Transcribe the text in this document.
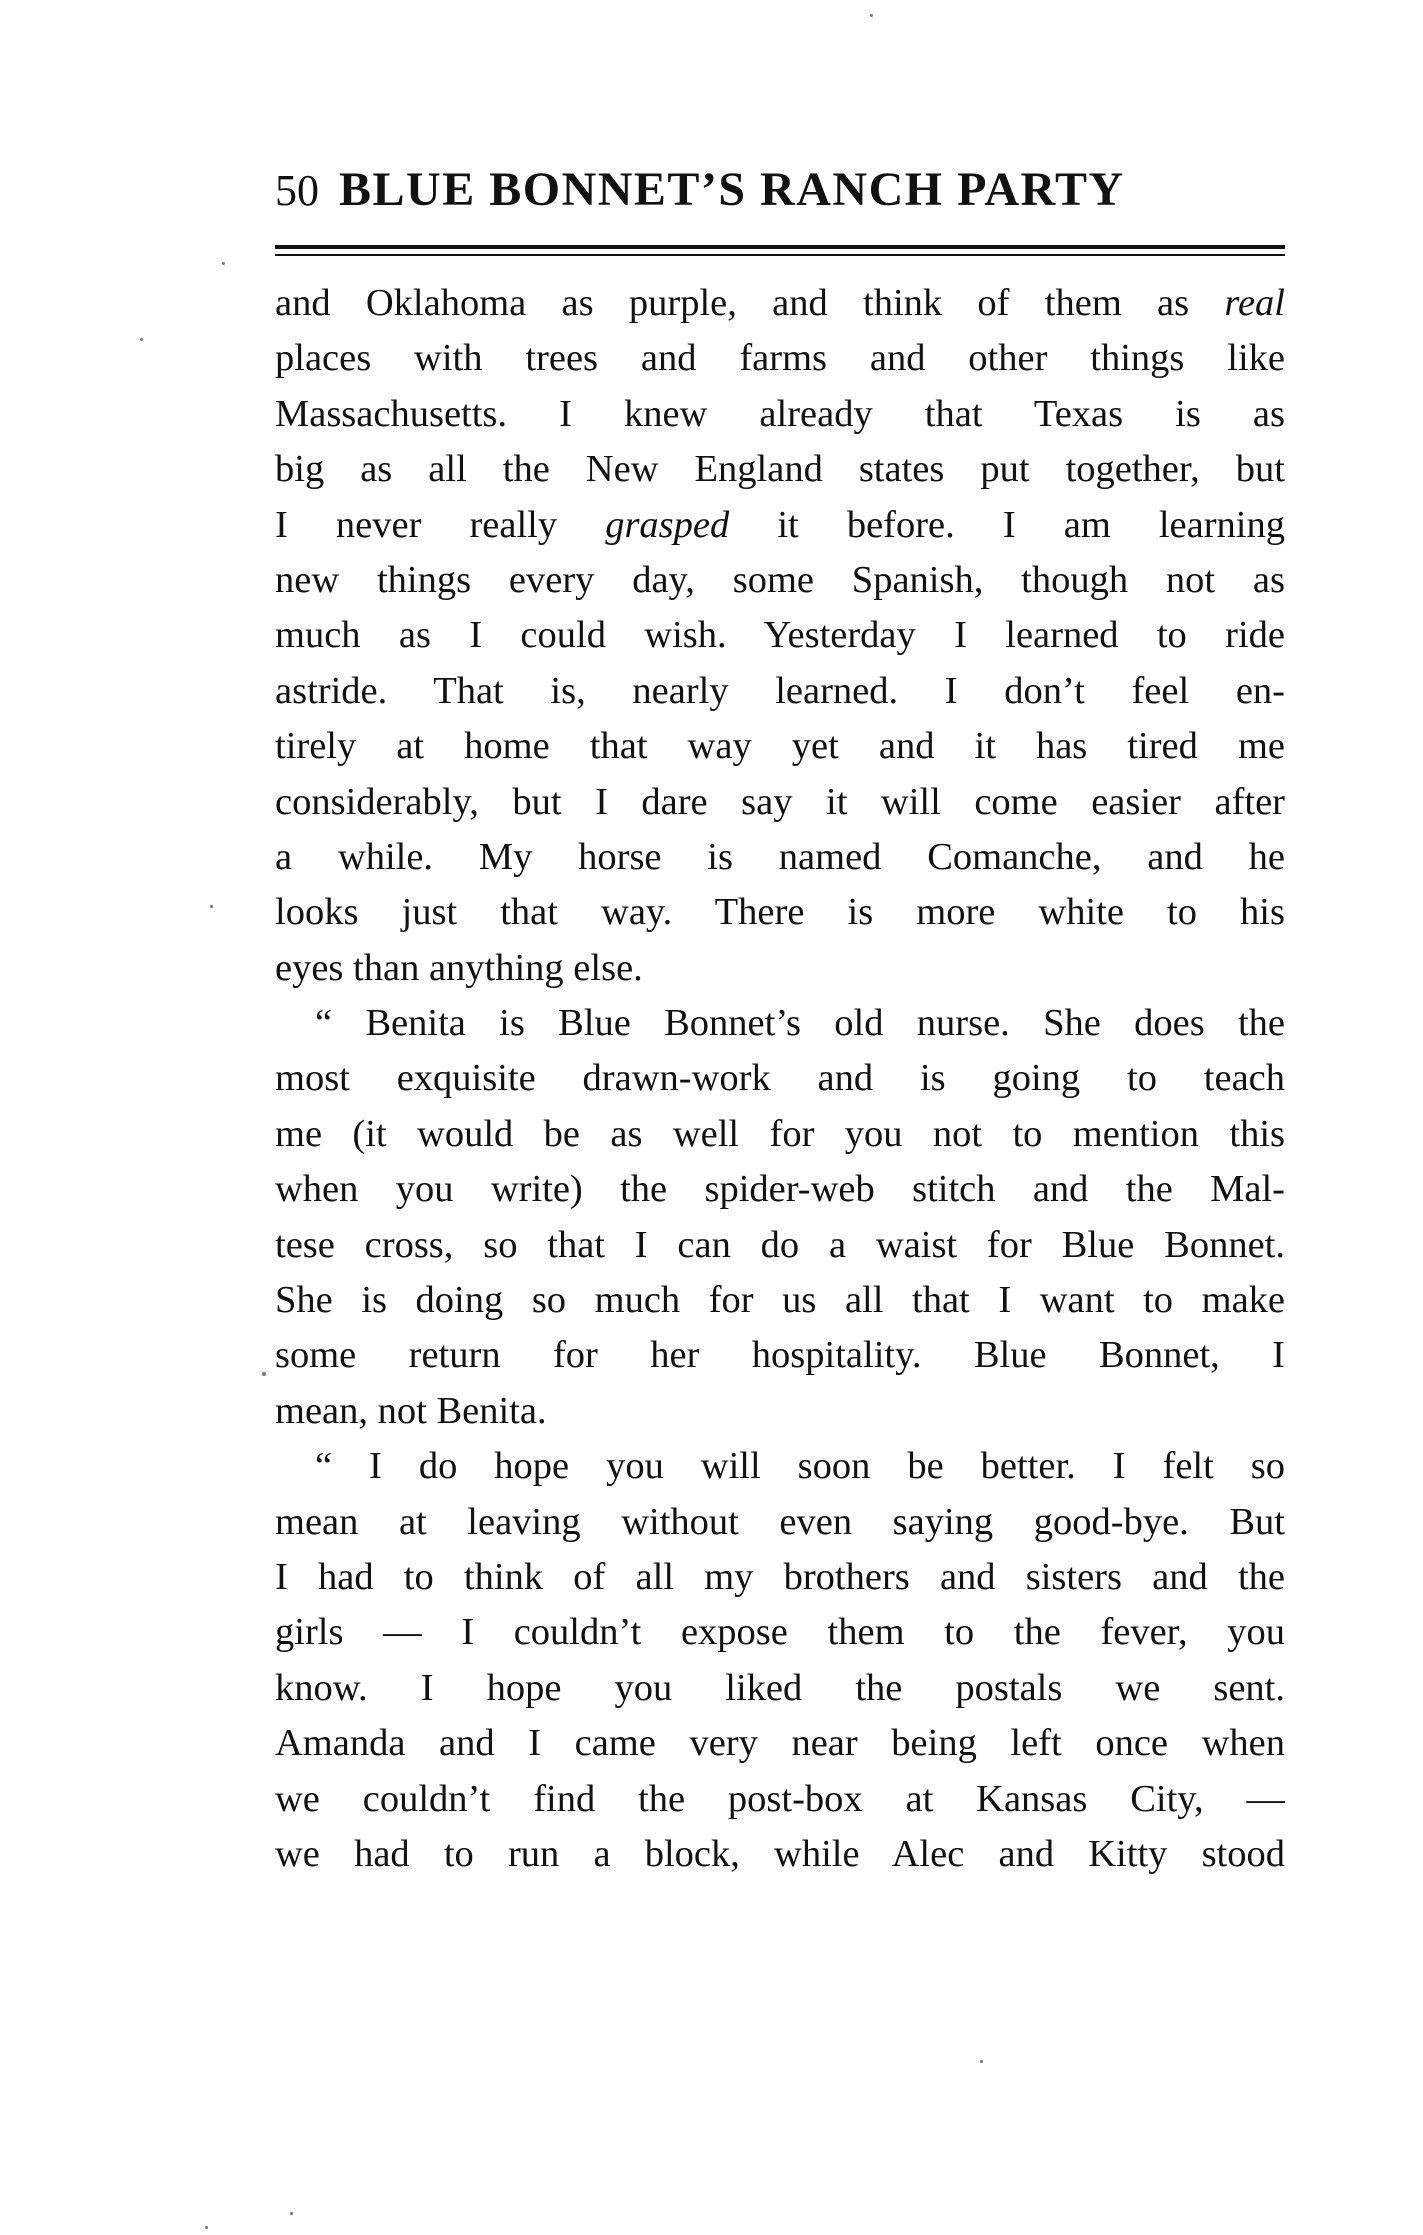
50 BLUE BONNET’S RANCH PARTY
and Oklahoma as purple, and think of them as real
places with trees and farms and other things like
Massachusetts. I knew already that Texas is as
big as all the New England states put together, but
I never really grasped it before. I am learning
new things every day, some Spanish, though not as
much as I could wish. Yesterday I learned to ride
astride. That is, nearly learned. I don’t feel en-
tirely at home that way yet and it has tired me
considerably, but I dare say it will come easier after
a while. My horse is named Comanche, and he
looks just that way. There is more white to his
eyes than anything else.
“ Benita is Blue Bonnet’s old nurse. She does the
most exquisite drawn-work and is going to teach
me (it would be as well for you not to mention this
when you write) the spider-web stitch and the Mal-
tese cross, so that I can do a waist for Blue Bonnet.
She is doing so much for us all that I want to make
some return for her hospitality. Blue Bonnet, I
mean, not Benita.
“ I do hope you will soon be better. I felt so
mean at leaving without even saying good-bye. But
I had to think of all my brothers and sisters and the
girls — I couldn’t expose them to the fever, you
know. I hope you liked the postals we sent.
Amanda and I came very near being left once when
we couldn’t find the post-box at Kansas City, —
we had to run a block, while Alec and Kitty stood
